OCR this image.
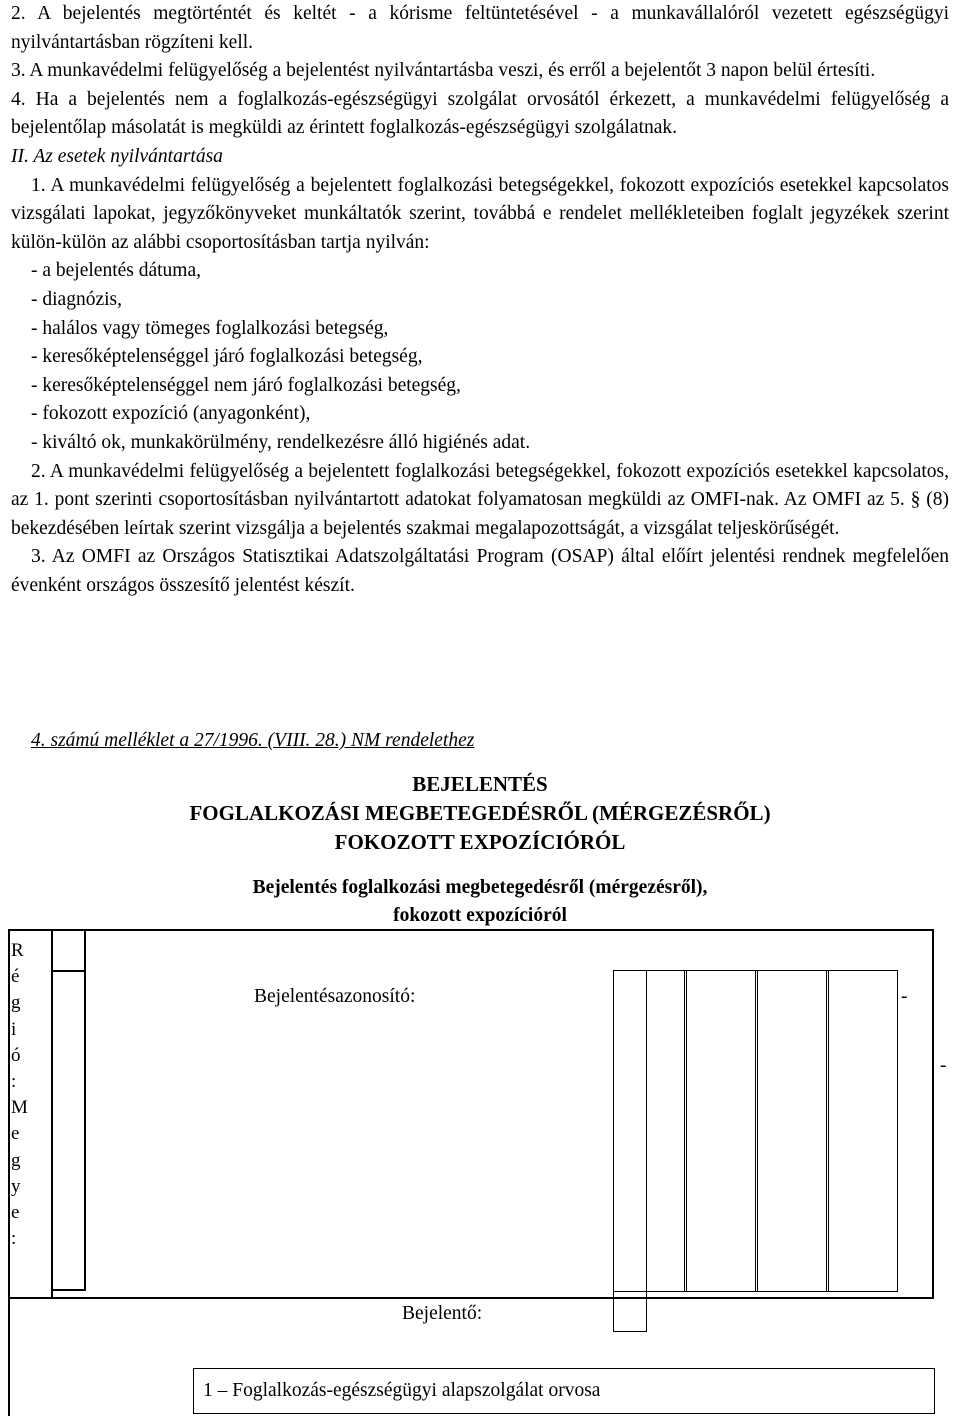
2. A bejelentés megtörténtét és keltét - a kórisme feltüntetésével - a munkavállalóról vezetett egészségügyi nyilvántartásban rögzíteni kell.

3. A munkavédelmi felügyelőség a bejelentést nyilvántartásba veszi, és erről a bejelentőt 3 napon belül értesíti.

4. Ha a bejelentés nem a foglalkozás-egészségügyi szolgálat orvosától érkezett, a munkavédelmi felügyelőség a bejelentőlap másolatát is megküldi az érintett foglalkozás-egészségügyi szolgálatnak.

II. Az esetek nyilvántartása

1. A munkavédelmi felügyelőség a bejelentett foglalkozási betegségekkel, fokozott expozíciós esetekkel kapcsolatos vizsgálati lapokat, jegyzőkönyveket munkáltatók szerint, továbbá e rendelet mellékleteiben foglalt jegyzékek szerint külön-külön az alábbi csoportosításban tartja nyilván:

- a bejelentés dátuma,

- diagnózis,

- halálos vagy tömeges foglalkozási betegség,

- keresőképtelenséggel járó foglalkozási betegség,

- keresőképtelenséggel nem járó foglalkozási betegség,

- fokozott expozíció (anyagonként),

- kiváltó ok, munkakörülmény, rendelkezésre álló higiénés adat.

2. A munkavédelmi felügyelőség a bejelentett foglalkozási betegségekkel, fokozott expozíciós esetekkel kapcsolatos, az 1. pont szerinti csoportosításban nyilvántartott adatokat folyamatosan megküldi az OMFI-nak. Az OMFI az 5. § (8) bekezdésében leírtak szerint vizsgálja a bejelentés szakmai megalapozottságát, a vizsgálat teljeskörűségét.

3. Az OMFI az Országos Statisztikai Adatszolgáltatási Program (OSAP) által előírt jelentési rendnek megfelelően évenként országos összesítő jelentést készít.

4. számú melléklet a 27/1996. (VIII. 28.) NM rendelethez
BEJELENTÉS
FOGLALKOZÁSI MEGBETEGEDÉSRŐL (MÉRGEZÉSRŐL)
FOKOZOTT EXPOZÍCIÓRÓL
Bejelentés foglalkozási megbetegedésről (mérgezésről),
fokozott expozícióról
R
é
g
i
ó
:
M
e
g
y
e
:
Bejelentésazonosító:	-
-
Bejelentő:
1 – Foglalkozás-egészségügyi alapszolgálat orvosa
